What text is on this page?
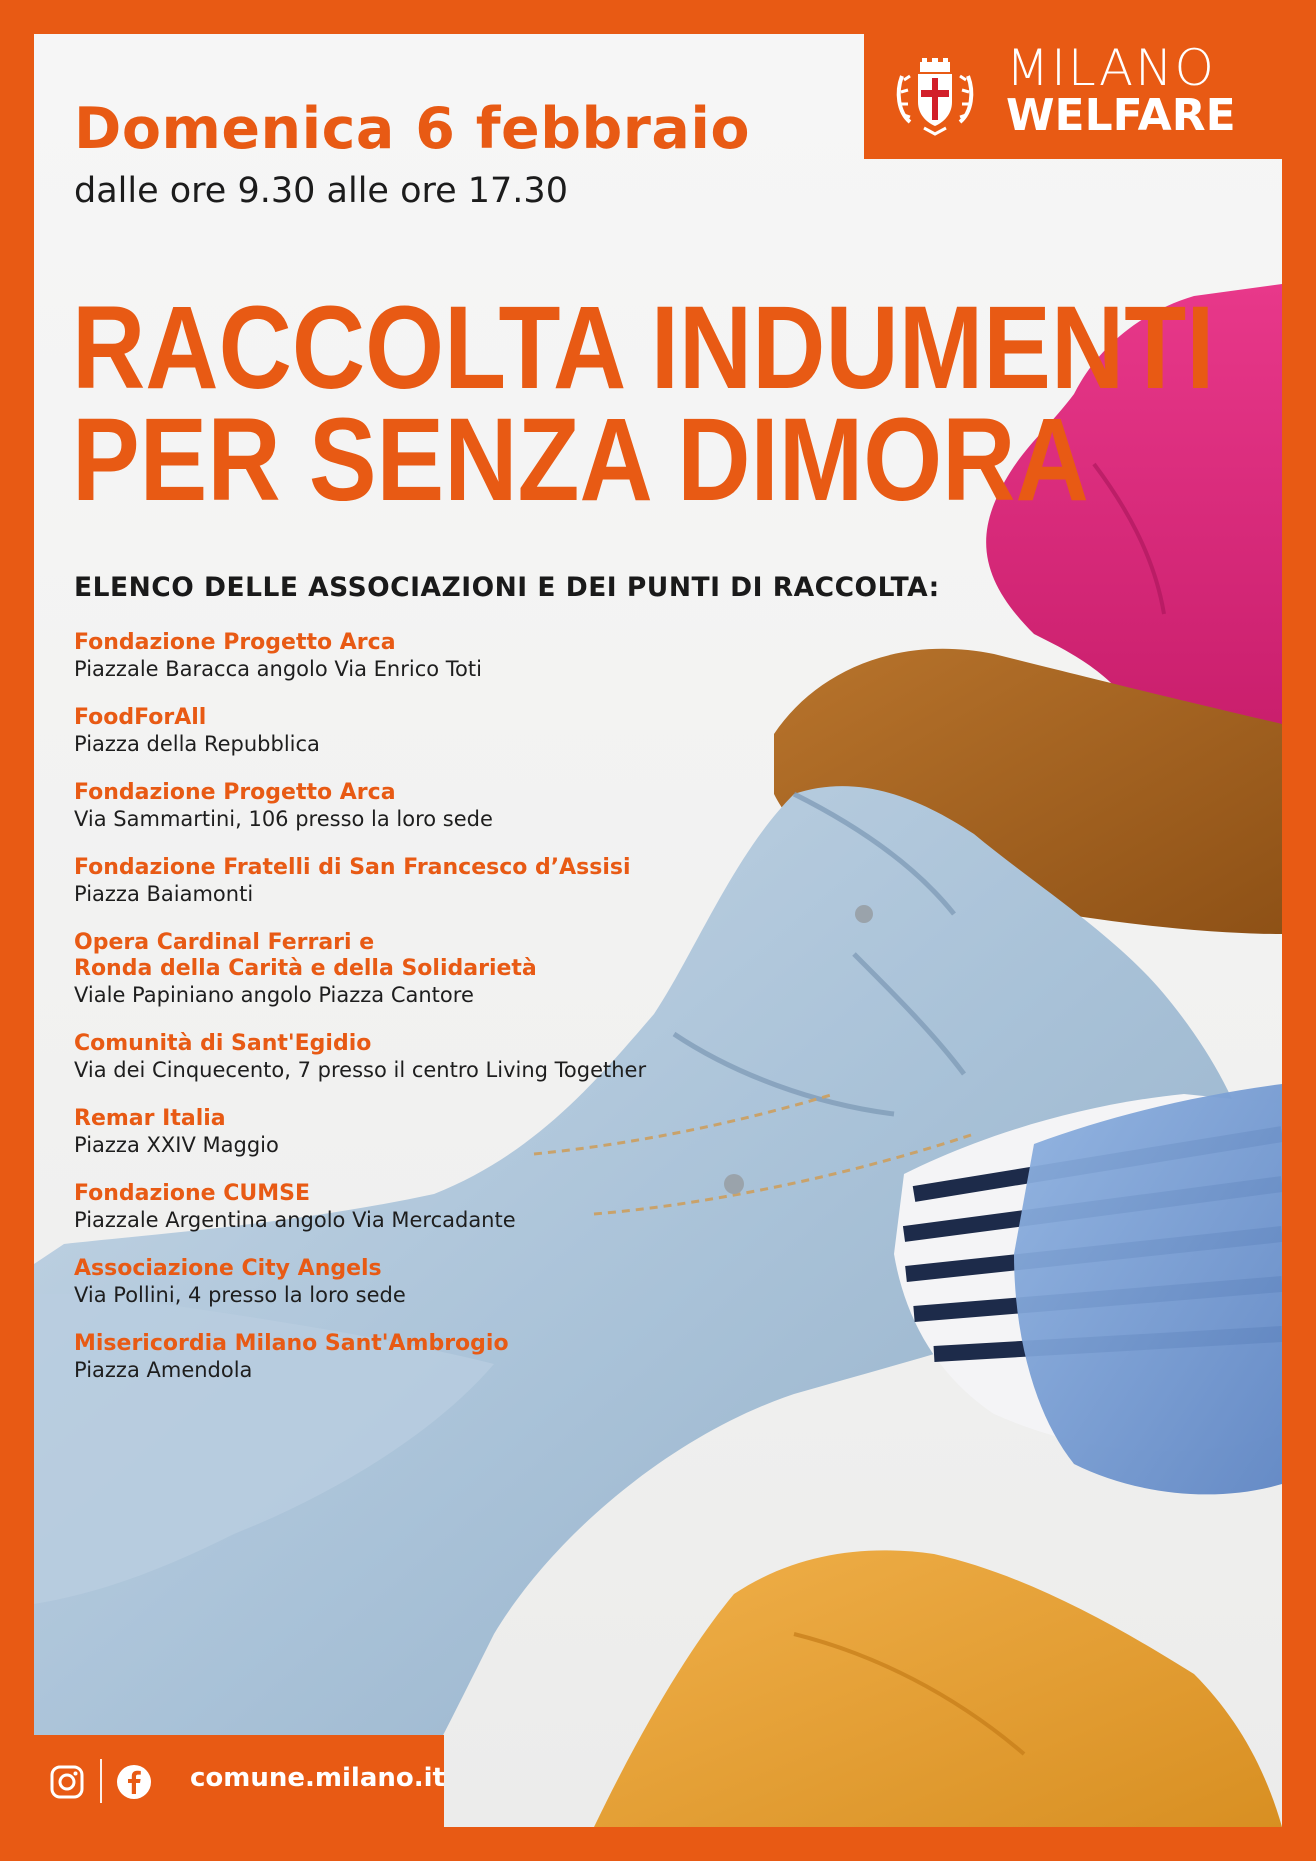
MILANO
WELFARE
Domenica 6 febbraio
dalle ore 9.30 alle ore 17.30
RACCOLTA INDUMENTI
PER SENZA DIMORA
ELENCO DELLE ASSOCIAZIONI E DEI PUNTI DI RACCOLTA:
Fondazione Progetto Arca
Piazzale Baracca angolo Via Enrico Toti
FoodForAll
Piazza della Repubblica
Fondazione Progetto Arca
Via Sammartini, 106 presso la loro sede
Fondazione Fratelli di San Francesco d’Assisi
Piazza Baiamonti
Opera Cardinal Ferrari e
Ronda della Carità e della Solidarietà
Viale Papiniano angolo Piazza Cantore
Comunità di Sant'Egidio
Via dei Cinquecento, 7 presso il centro Living Together
Remar Italia
Piazza XXIV Maggio
Fondazione CUMSE
Piazzale Argentina angolo Via Mercadante
Associazione City Angels
Via Pollini, 4 presso la loro sede
Misericordia Milano Sant'Ambrogio
Piazza Amendola
comune.milano.it
